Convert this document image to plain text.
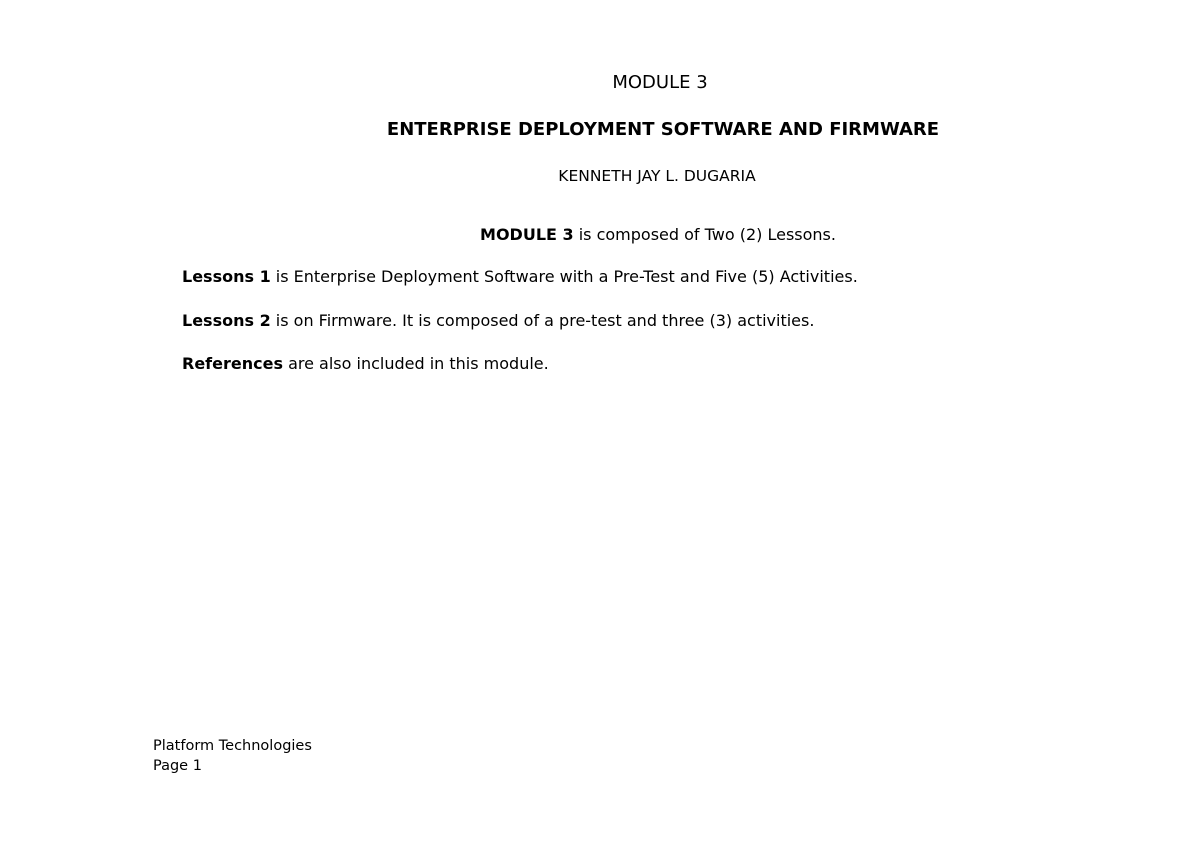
MODULE 3
ENTERPRISE DEPLOYMENT SOFTWARE AND FIRMWARE
KENNETH JAY L. DUGARIA

MODULE 3 is composed of Two (2) Lessons.

Lessons 1 is Enterprise Deployment Software with a Pre-Test and Five (5) Activities.

Lessons 2 is on Firmware. It is composed of a pre-test and three (3) activities.

References are also included in this module.

Platform Technologies
Page 1
